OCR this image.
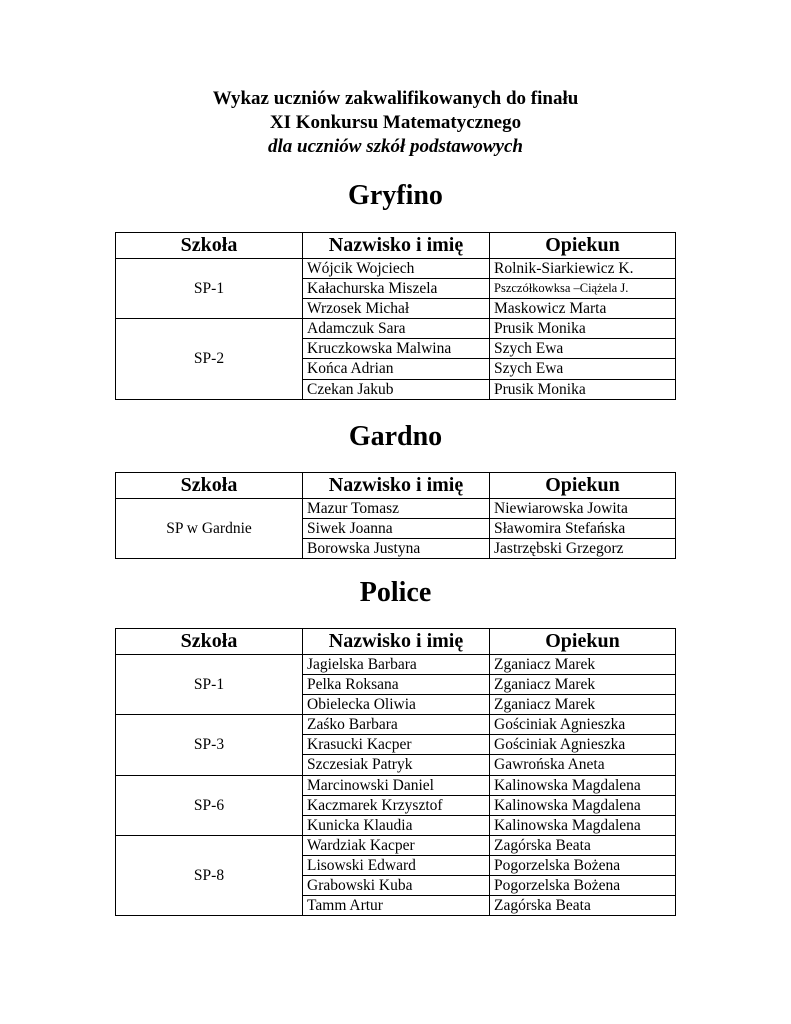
Wykaz uczniów zakwalifikowanych do finału
XI Konkursu Matematycznego
dla uczniów szkół podstawowych
Gryfino
Szkoła	Nazwisko i imię	Opiekun
SP-1	Wójcik Wojciech	Rolnik-Siarkiewicz K.
	Kałachurska Miszela	Pszczółkowksa –Ciążela J.
	Wrzosek Michał	Maskowicz Marta
SP-2	Adamczuk Sara	Prusik Monika
	Kruczkowska Malwina	Szych Ewa
	Końca Adrian	Szych Ewa
	Czekan Jakub	Prusik Monika
Gardno
Szkoła	Nazwisko i imię	Opiekun
SP w Gardnie	Mazur Tomasz	Niewiarowska Jowita
	Siwek Joanna	Sławomira Stefańska
	Borowska Justyna	Jastrzębski Grzegorz
Police
Szkoła	Nazwisko i imię	Opiekun
SP-1	Jagielska Barbara	Zganiacz Marek
	Pelka Roksana	Zganiacz Marek
	Obielecka Oliwia	Zganiacz Marek
SP-3	Zaśko Barbara	Gościniak Agnieszka
	Krasucki Kacper	Gościniak Agnieszka
	Szczesiak Patryk	Gawrońska Aneta
SP-6	Marcinowski Daniel	Kalinowska Magdalena
	Kaczmarek Krzysztof	Kalinowska Magdalena
	Kunicka Klaudia	Kalinowska Magdalena
SP-8	Wardziak Kacper	Zagórska Beata
	Lisowski Edward	Pogorzelska Bożena
	Grabowski Kuba	Pogorzelska Bożena
	Tamm Artur	Zagórska Beata
